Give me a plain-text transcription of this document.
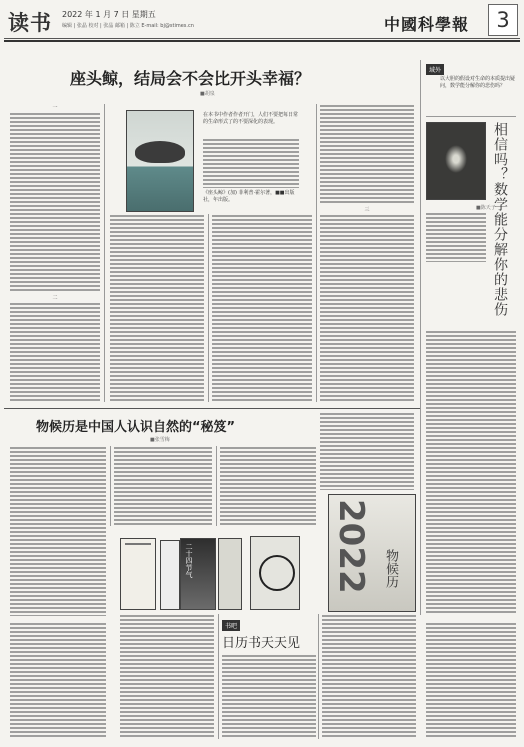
读书 2022 年 1 月 7 日 星期五
编辑 | 张晶 校对 | 张晶 邮箱 | 陈立 E-mail: bj@stimes.cn	中國科學報	3
座头鲸，结局会不会比开头幸福？
■胡泉
一
二
在本书中作者作者开门，人们不要把每日常的生命形式了的不要深化的表现。
《座头鲸》(加) 菲利普·霍尔著，■■出版社，年出版。
三
域外
以大胆的假设对生命的本质提出疑问，数学能分解你的悲伤吗？
相信吗？数学能分解你的悲伤
■陈天子
物候历是中国人认识自然的“秘笈”
■张雪梅
二十四节气	2022 物候历
书吧
日历书天天见
